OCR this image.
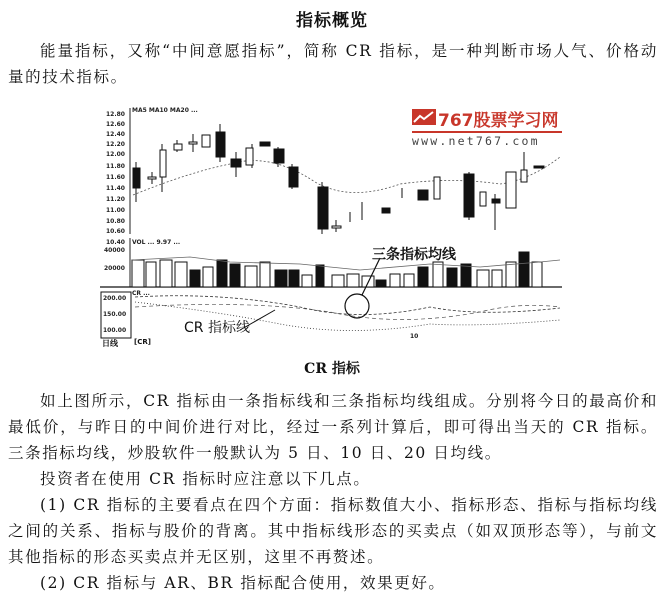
指标概览

能量指标，又称“中间意愿指标”，简称 CR 指标，是一种判断市场人气、价格动量的技术指标。

12.80
12.60
12.40
12.20
12.00
11.80
11.60
11.40
11.20
11.00
10.80
10.60
MA5 MA10 MA20 ...
10.40 VOL ... 9.97 ...
40000
20000
200.00
150.00
100.00
CR ...
10
三条指标均线
CR 指标线
日线 [CR]
767股票学习网
www.net767.com
CR 指标

如上图所示，CR 指标由一条指标线和三条指标均线组成。分别将今日的最高价和最低价，与昨日的中间价进行对比，经过一系列计算后，即可得出当天的 CR 指标。三条指标均线，炒股软件一般默认为 5 日、10 日、20 日均线。

投资者在使用 CR 指标时应注意以下几点。

(1) CR 指标的主要看点在四个方面：指标数值大小、指标形态、指标与指标均线之间的关系、指标与股价的背离。其中指标线形态的买卖点（如双顶形态等），与前文其他指标的形态买卖点并无区别，这里不再赘述。

(2) CR 指标与 AR、BR 指标配合使用，效果更好。
